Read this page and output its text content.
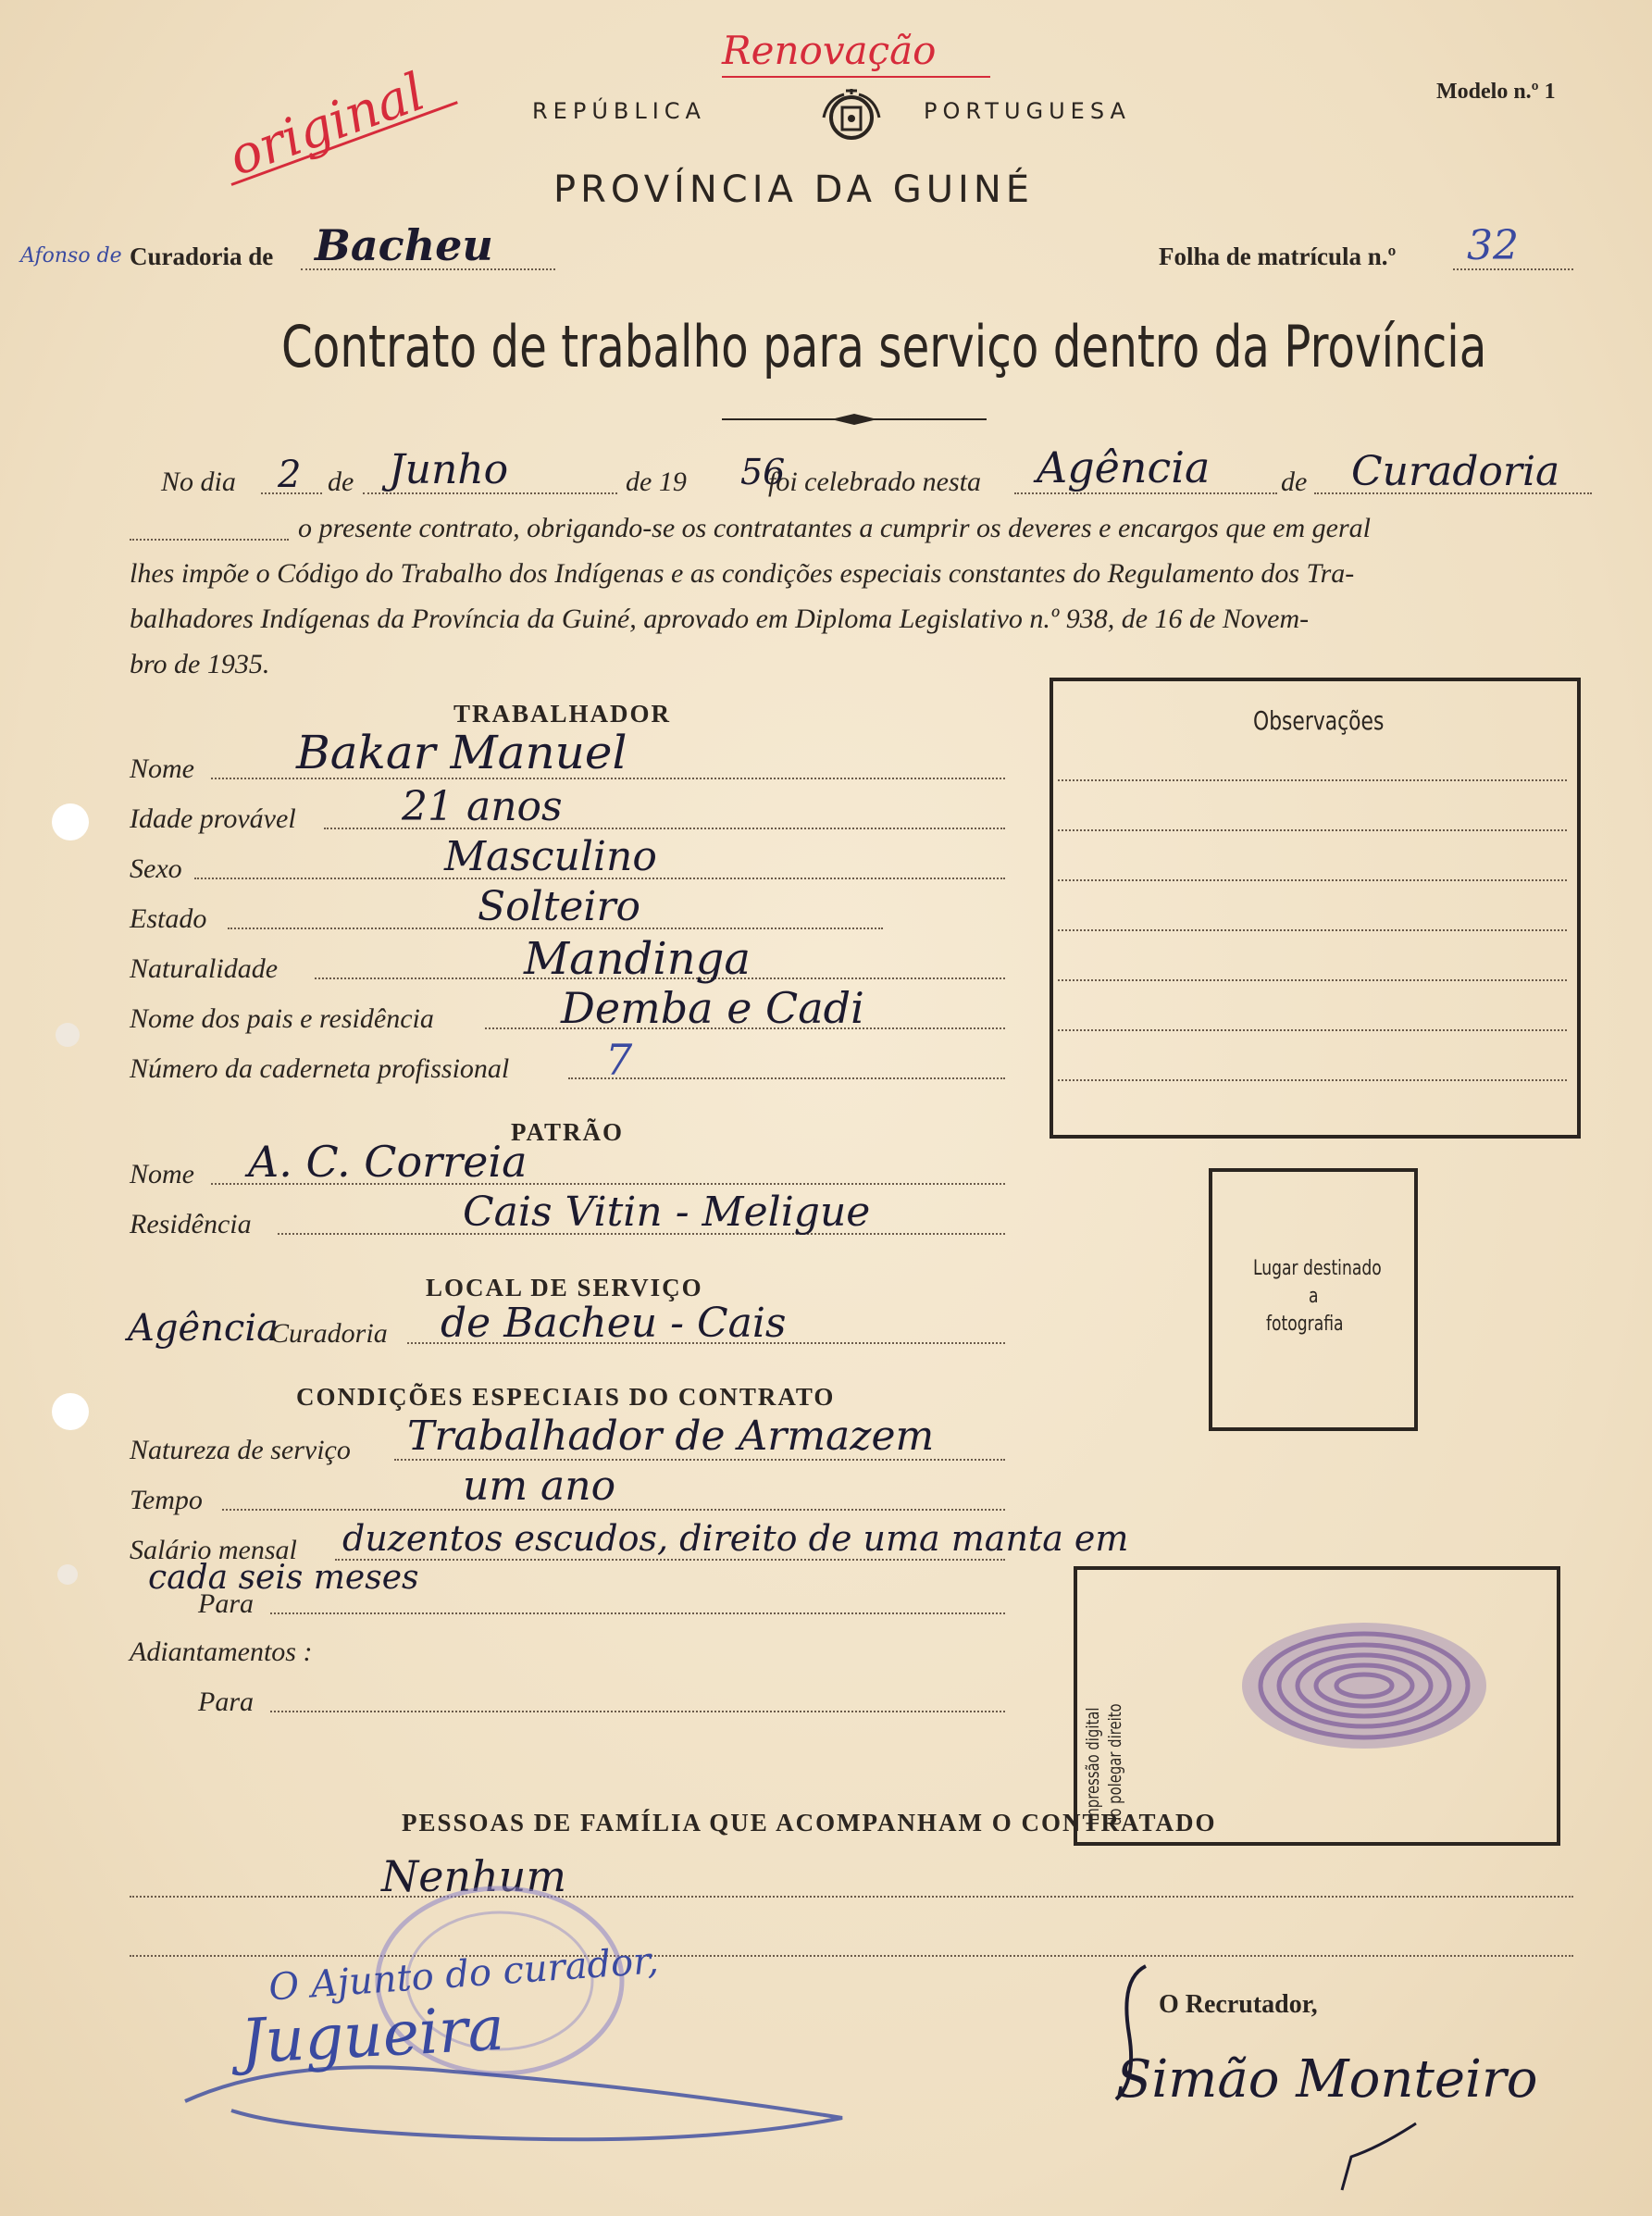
Renovação
original	REPÚBLICA	PORTUGUESA
PROVÍNCIA DA GUINÉ
Modelo n.º 1
Afonso de Curadoria de Bacheu	Folha de matrícula n.º 32
Contrato de trabalho para serviço dentro da Província
No dia 2 de Junho	de 19 56
foi celebrado nesta Agência	de Curadoria
o presente contrato, obrigando-se os contratantes a cumprir os deveres e encargos que em geral
lhes impõe o Código do Trabalho dos Indígenas e as condições especiais constantes do Regulamento dos Tra-
balhadores Indígenas da Província da Guiné, aprovado em Diploma Legislativo n.º 938, de 16 de Novem-
bro de 1935.
Observações
Lugar destinado
a
fotografia
Impressão digital do polegar direito
TRABALHADOR
Nome Bakar Manuel
Idade provável	21 anos
Sexo	Masculino
Estado	Solteiro
Naturalidade	Mandinga
Nome dos pais e residência	Demba e Cadi
Número da caderneta profissional 7
PATRÃO
Nome A. C. Correia
Residência	Cais Vitin - Meligue
LOCAL DE SERVIÇO
Agência
Curadoria de Bacheu - Cais
CONDIÇÕES ESPECIAIS DO CONTRATO
Natureza de serviço Trabalhador de Armazem
Tempo	um ano
Salário mensal duzentos escudos, direito de uma manta em
cada seis meses
Para
Adiantamentos :
Para
PESSOAS DE FAMÍLIA QUE ACOMPANHAM O CONTRATADO
Nenhum
O Ajunto do curador,
Jugueira	O Recrutador,
Simão Monteiro
